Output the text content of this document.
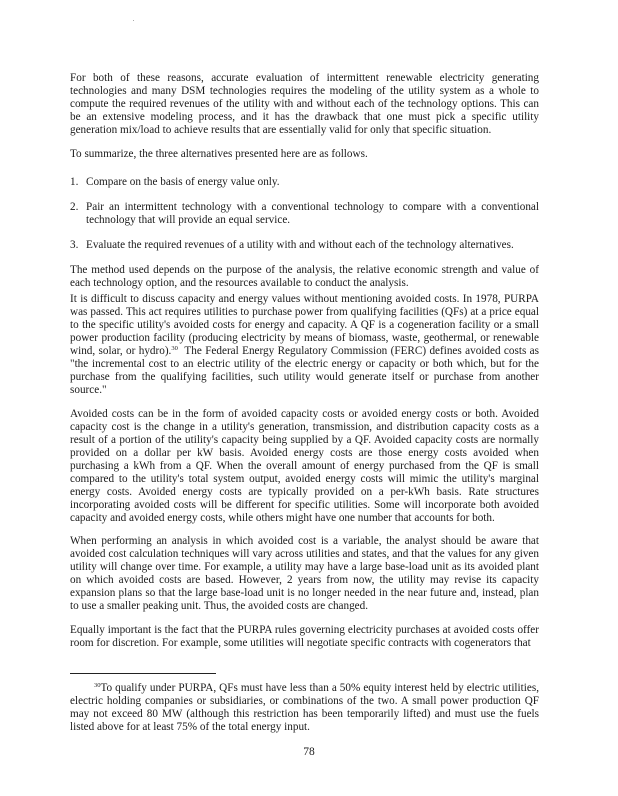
For both of these reasons, accurate evaluation of intermittent renewable electricity generating technologies and many DSM technologies requires the modeling of the utility system as a whole to compute the required revenues of the utility with and without each of the technology options. This can be an extensive modeling process, and it has the drawback that one must pick a specific utility generation mix/load to achieve results that are essentially valid for only that specific situation.

To summarize, the three alternatives presented here are as follows.

1. Compare on the basis of energy value only.
2. Pair an intermittent technology with a conventional technology to compare with a conventional technology that will provide an equal service.
3. Evaluate the required revenues of a utility with and without each of the technology alternatives.

The method used depends on the purpose of the analysis, the relative economic strength and value of each technology option, and the resources available to conduct the analysis.

It is difficult to discuss capacity and energy values without mentioning avoided costs. In 1978, PURPA was passed. This act requires utilities to purchase power from qualifying facilities (QFs) at a price equal to the specific utility's avoided costs for energy and capacity. A QF is a cogeneration facility or a small power production facility (producing electricity by means of biomass, waste, geothermal, or renewable wind, solar, or hydro).$^{30}$ The Federal Energy Regulatory Commission (FERC) defines avoided costs as "the incremental cost to an electric utility of the electric energy or capacity or both which, but for the purchase from the qualifying facilities, such utility would generate itself or purchase from another source."

Avoided costs can be in the form of avoided capacity costs or avoided energy costs or both. Avoided capacity cost is the change in a utility's generation, transmission, and distribution capacity costs as a result of a portion of the utility's capacity being supplied by a QF. Avoided capacity costs are normally provided on a dollar per kW basis. Avoided energy costs are those energy costs avoided when purchasing a kWh from a QF. When the overall amount of energy purchased from the QF is small compared to the utility's total system output, avoided energy costs will mimic the utility's marginal energy costs. Avoided energy costs are typically provided on a per-kWh basis. Rate structures incorporating avoided costs will be different for specific utilities. Some will incorporate both avoided capacity and avoided energy costs, while others might have one number that accounts for both.

When performing an analysis in which avoided cost is a variable, the analyst should be aware that avoided cost calculation techniques will vary across utilities and states, and that the values for any given utility will change over time. For example, a utility may have a large base-load unit as its avoided plant on which avoided costs are based. However, 2 years from now, the utility may revise its capacity expansion plans so that the large base-load unit is no longer needed in the near future and, instead, plan to use a smaller peaking unit. Thus, the avoided costs are changed.

Equally important is the fact that the PURPA rules governing electricity purchases at avoided costs offer room for discretion. For example, some utilities will negotiate specific contracts with cogenerators that

$^{30}$To qualify under PURPA, QFs must have less than a 50% equity interest held by electric utilities, electric holding companies or subsidiaries, or combinations of the two. A small power production QF may not exceed 80 MW (although this restriction has been temporarily lifted) and must use the fuels listed above for at least 75% of the total energy input.

78
